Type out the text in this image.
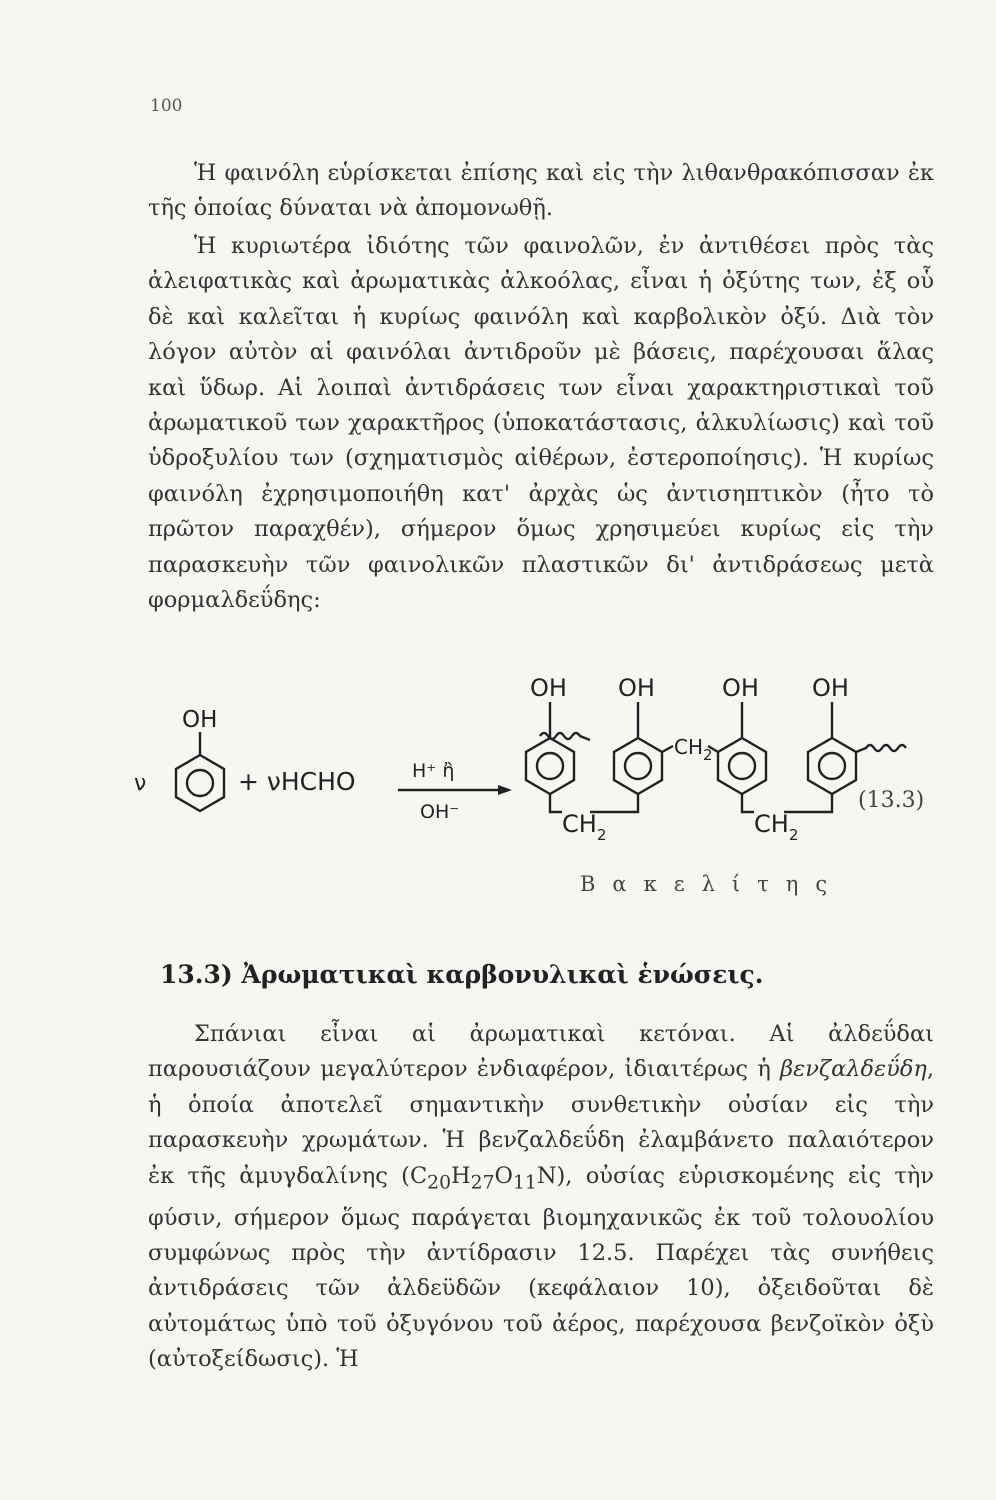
100

Ἡ φαινόλη εὑρίσκεται ἐπίσης καὶ εἰς τὴν λιθανθρακόπισσαν ἐκ τῆς ὁποίας δύναται νὰ ἀπομονωθῇ.

Ἡ κυριωτέρα ἰδιότης τῶν φαινολῶν, ἐν ἀντιθέσει πρὸς τὰς ἀλειφατικὰς καὶ ἀρωματικὰς ἀλκοόλας, εἶναι ἡ ὀξύτης των, ἐξ οὗ δὲ καὶ καλεῖται ἡ κυρίως φαινόλη καὶ καρβολικὸν ὀξύ. Διὰ τὸν λόγον αὐτὸν αἱ φαινόλαι ἀντιδροῦν μὲ βάσεις, παρέχουσαι ἅλας καὶ ὕδωρ. Αἱ λοιπαὶ ἀντιδράσεις των εἶναι χαρακτηριστικαὶ τοῦ ἀρωματικοῦ των χαρακτῆρος (ὑποκατάστασις, ἀλκυλίωσις) καὶ τοῦ ὑδροξυλίου των (σχηματισμὸς αἰθέρων, ἐστεροποίησις). Ἡ κυρίως φαινόλη ἐχρησιμοποιήθη κατ' ἀρχὰς ὡς ἀντισηπτικὸν (ἦτο τὸ πρῶτον παραχθέν), σήμερον ὅμως χρησιμεύει κυρίως εἰς τὴν παρασκευὴν τῶν φαινολικῶν πλαστικῶν δι' ἀντιδράσεως μετὰ φορμαλδεΰδης:

ν
OH
+ νHCHO	H⁺ ἢ
OH⁻
OH OH	OH OH
$CH_2$
$CH_2$
$CH_2$
(13.3)
Βακελίτης
13.3) Ἀρωματικαὶ καρβονυλικαὶ ἑνώσεις.

Σπάνιαι εἶναι αἱ ἀρωματικαὶ κετόναι. Αἱ ἀλδεΰδαι παρουσιάζουν μεγαλύτερον ἐνδιαφέρον, ἰδιαιτέρως ἡ βενζαλδεΰδη, ἡ ὁποία ἀποτελεῖ σημαντικὴν συνθετικὴν οὐσίαν εἰς τὴν παρασκευὴν χρωμάτων. Ἡ βενζαλδεΰδη ἐλαμβάνετο παλαιότερον ἐκ τῆς ἀμυγδαλίνης $(C_{20}H_{27}O_{11}N)$, οὐσίας εὑρισκομένης εἰς τὴν φύσιν, σήμερον ὅμως παράγεται βιομηχανικῶς ἐκ τοῦ τολουολίου συμφώνως πρὸς τὴν ἀντίδρασιν 12.5. Παρέχει τὰς συνήθεις ἀντιδράσεις τῶν ἀλδεϋδῶν (κεφάλαιον 10), ὀξειδοῦται δὲ αὐτομάτως ὑπὸ τοῦ ὀξυγόνου τοῦ ἀέρος, παρέχουσα βενζοϊκὸν ὀξὺ (αὐτοξείδωσις). Ἡ
